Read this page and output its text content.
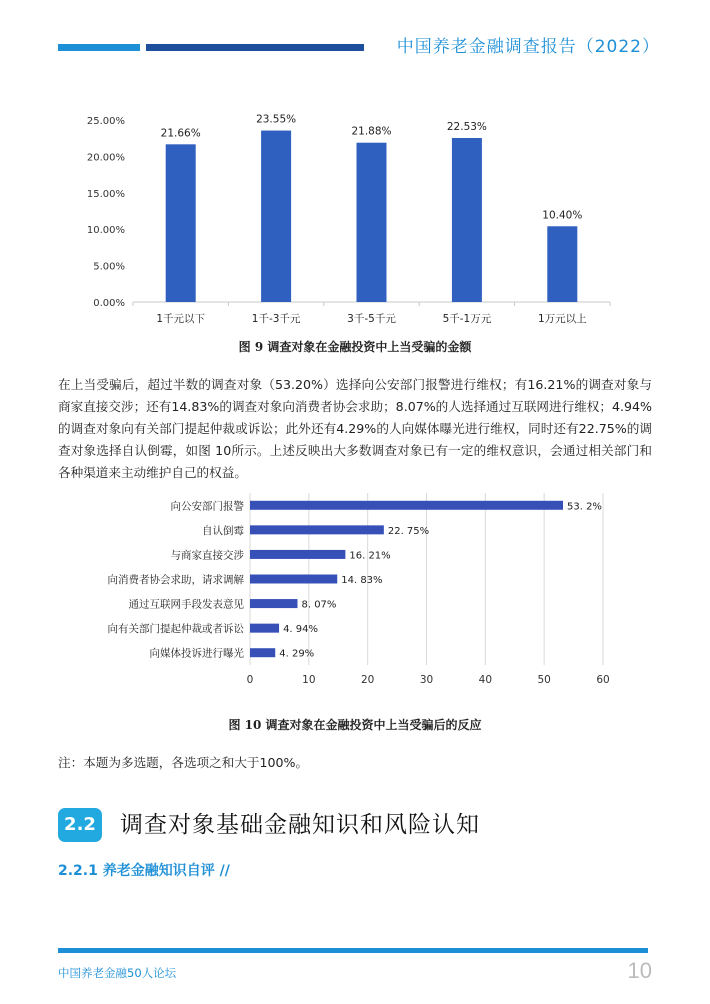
中国养老金融调查报告（2022）
0.00%
5.00%
10.00%
15.00%
20.00%
25.00%
21.66%
1千元以下
23.55%
1千-3千元
21.88%
3千-5千元
22.53%
5千-1万元
10.40%
1万元以上
0	10	20	30	40	50	60
向公安部门报警	53. 2%
自认倒霉	22. 75%
与商家直接交涉	16. 21%
向消费者协会求助，请求调解	14. 83%
通过互联网手段发表意见	8. 07%
向有关部门提起仲裁或者诉讼	4. 94%
向媒体投诉进行曝光	4. 29%
图 9 调查对象在金融投资中上当受骗的金额
在上当受骗后，超过半数的调查对象（53.20%）选择向公安部门报警进行维权；有16.21%的调查对象与商家直接交涉；还有14.83%的调查对象向消费者协会求助；8.07%的人选择通过互联网进行维权；4.94%的调查对象向有关部门提起仲裁或诉讼；此外还有4.29%的人向媒体曝光进行维权，同时还有22.75%的调查对象选择自认倒霉，如图 10所示。上述反映出大多数调查对象已有一定的维权意识，会通过相关部门和各种渠道来主动维护自己的权益。
图 10 调查对象在金融投资中上当受骗后的反应
注：本题为多选题，各选项之和大于100%。
2.2 调查对象基础金融知识和风险认知
2.2.1 养老金融知识自评 //
中国养老金融50人论坛	10
